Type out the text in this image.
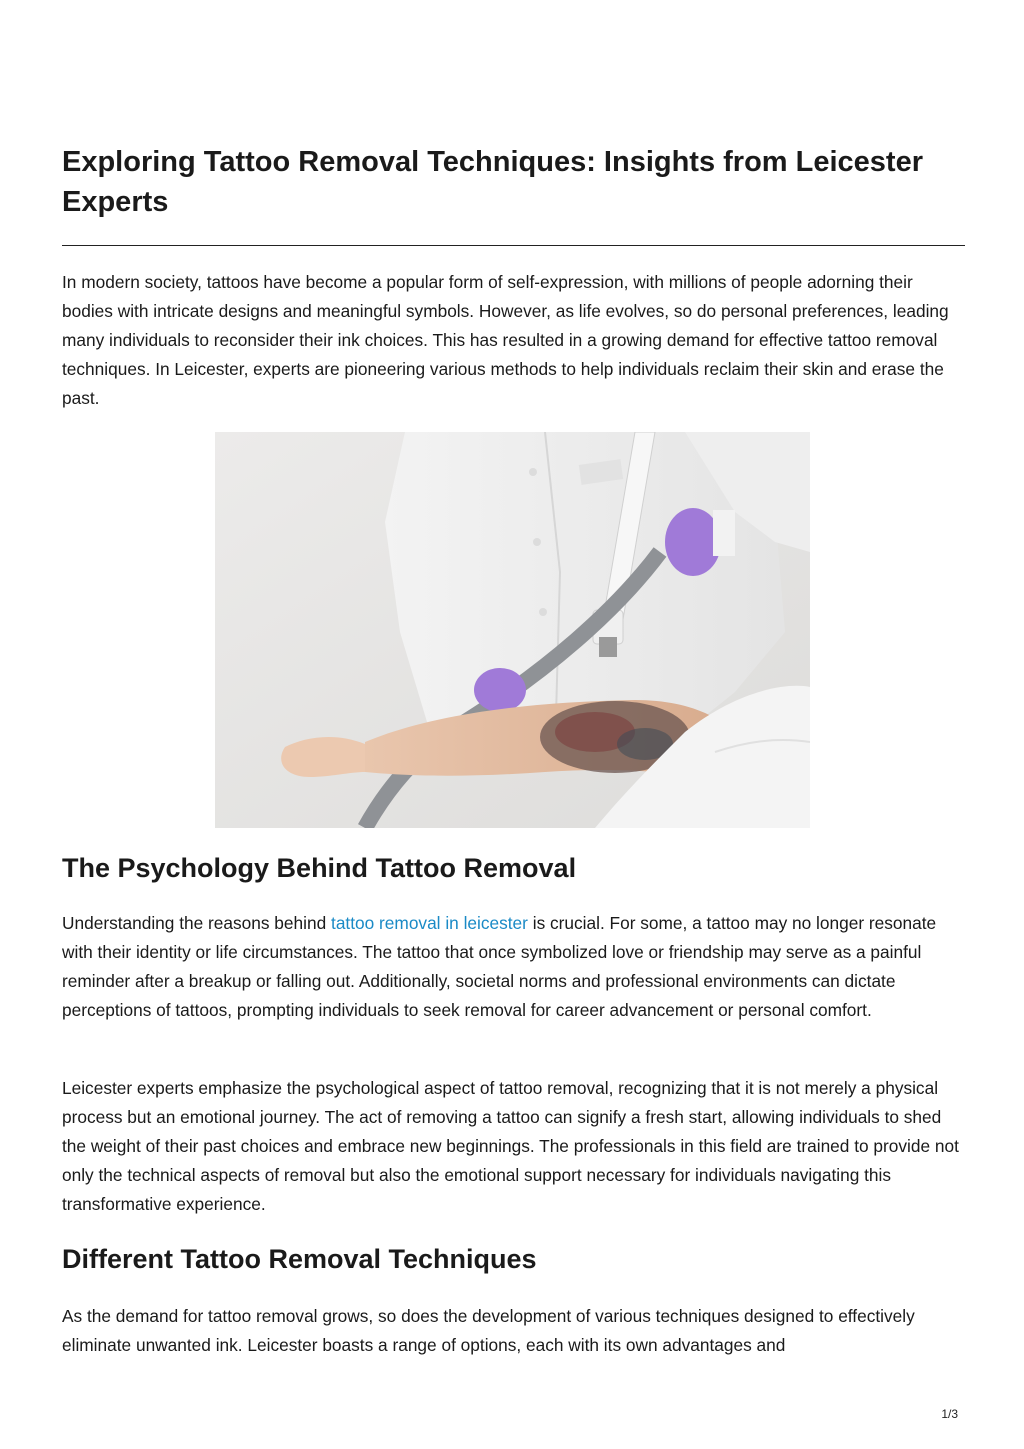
Exploring Tattoo Removal Techniques: Insights from Leicester Experts

In modern society, tattoos have become a popular form of self-expression, with millions of people adorning their bodies with intricate designs and meaningful symbols. However, as life evolves, so do personal preferences, leading many individuals to reconsider their ink choices. This has resulted in a growing demand for effective tattoo removal techniques. In Leicester, experts are pioneering various methods to help individuals reclaim their skin and erase the past.

The Psychology Behind Tattoo Removal

Understanding the reasons behind tattoo removal in leicester is crucial. For some, a tattoo may no longer resonate with their identity or life circumstances. The tattoo that once symbolized love or friendship may serve as a painful reminder after a breakup or falling out. Additionally, societal norms and professional environments can dictate perceptions of tattoos, prompting individuals to seek removal for career advancement or personal comfort.

Leicester experts emphasize the psychological aspect of tattoo removal, recognizing that it is not merely a physical process but an emotional journey. The act of removing a tattoo can signify a fresh start, allowing individuals to shed the weight of their past choices and embrace new beginnings. The professionals in this field are trained to provide not only the technical aspects of removal but also the emotional support necessary for individuals navigating this transformative experience.

Different Tattoo Removal Techniques

As the demand for tattoo removal grows, so does the development of various techniques designed to effectively eliminate unwanted ink. Leicester boasts a range of options, each with its own advantages and

1/3
